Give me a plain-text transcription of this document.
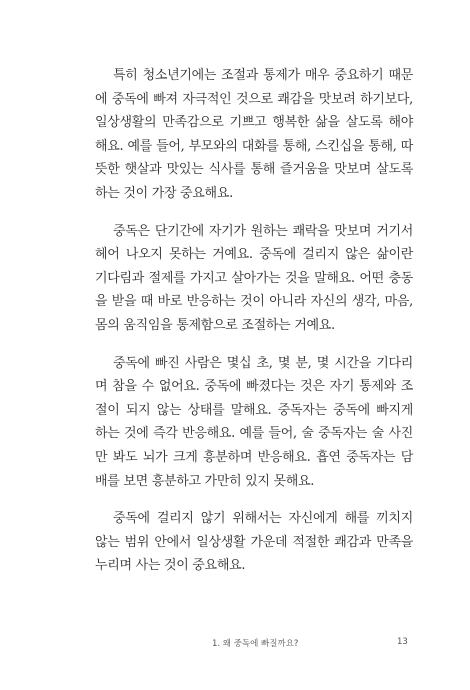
특히 청소년기에는 조절과 통제가 매우 중요하기 때문
에 중독에 빠져 자극적인 것으로 쾌감을 맛보려 하기보다,
일상생활의 만족감으로 기쁘고 행복한 삶을 살도록 해야
해요. 예를 들어, 부모와의 대화를 통해, 스킨십을 통해, 따
뜻한 햇살과 맛있는 식사를 통해 즐거움을 맛보며 살도록
하는 것이 가장 중요해요.
중독은 단기간에 자기가 원하는 쾌락을 맛보며 거기서
헤어 나오지 못하는 거예요. 중독에 걸리지 않은 삶이란
기다림과 절제를 가지고 살아가는 것을 말해요. 어떤 충동
을 받을 때 바로 반응하는 것이 아니라 자신의 생각, 마음,
몸의 움직임을 통제함으로 조절하는 거예요.
중독에 빠진 사람은 몇십 초, 몇 분, 몇 시간을 기다리
며 참을 수 없어요. 중독에 빠졌다는 것은 자기 통제와 조
절이 되지 않는 상태를 말해요. 중독자는 중독에 빠지게
하는 것에 즉각 반응해요. 예를 들어, 술 중독자는 술 사진
만 봐도 뇌가 크게 흥분하며 반응해요. 흡연 중독자는 담
배를 보면 흥분하고 가만히 있지 못해요.
중독에 걸리지 않기 위해서는 자신에게 해를 끼치지
않는 범위 안에서 일상생활 가운데 적절한 쾌감과 만족을
누리며 사는 것이 중요해요.
1. 왜 중독에 빠질까요?	13
